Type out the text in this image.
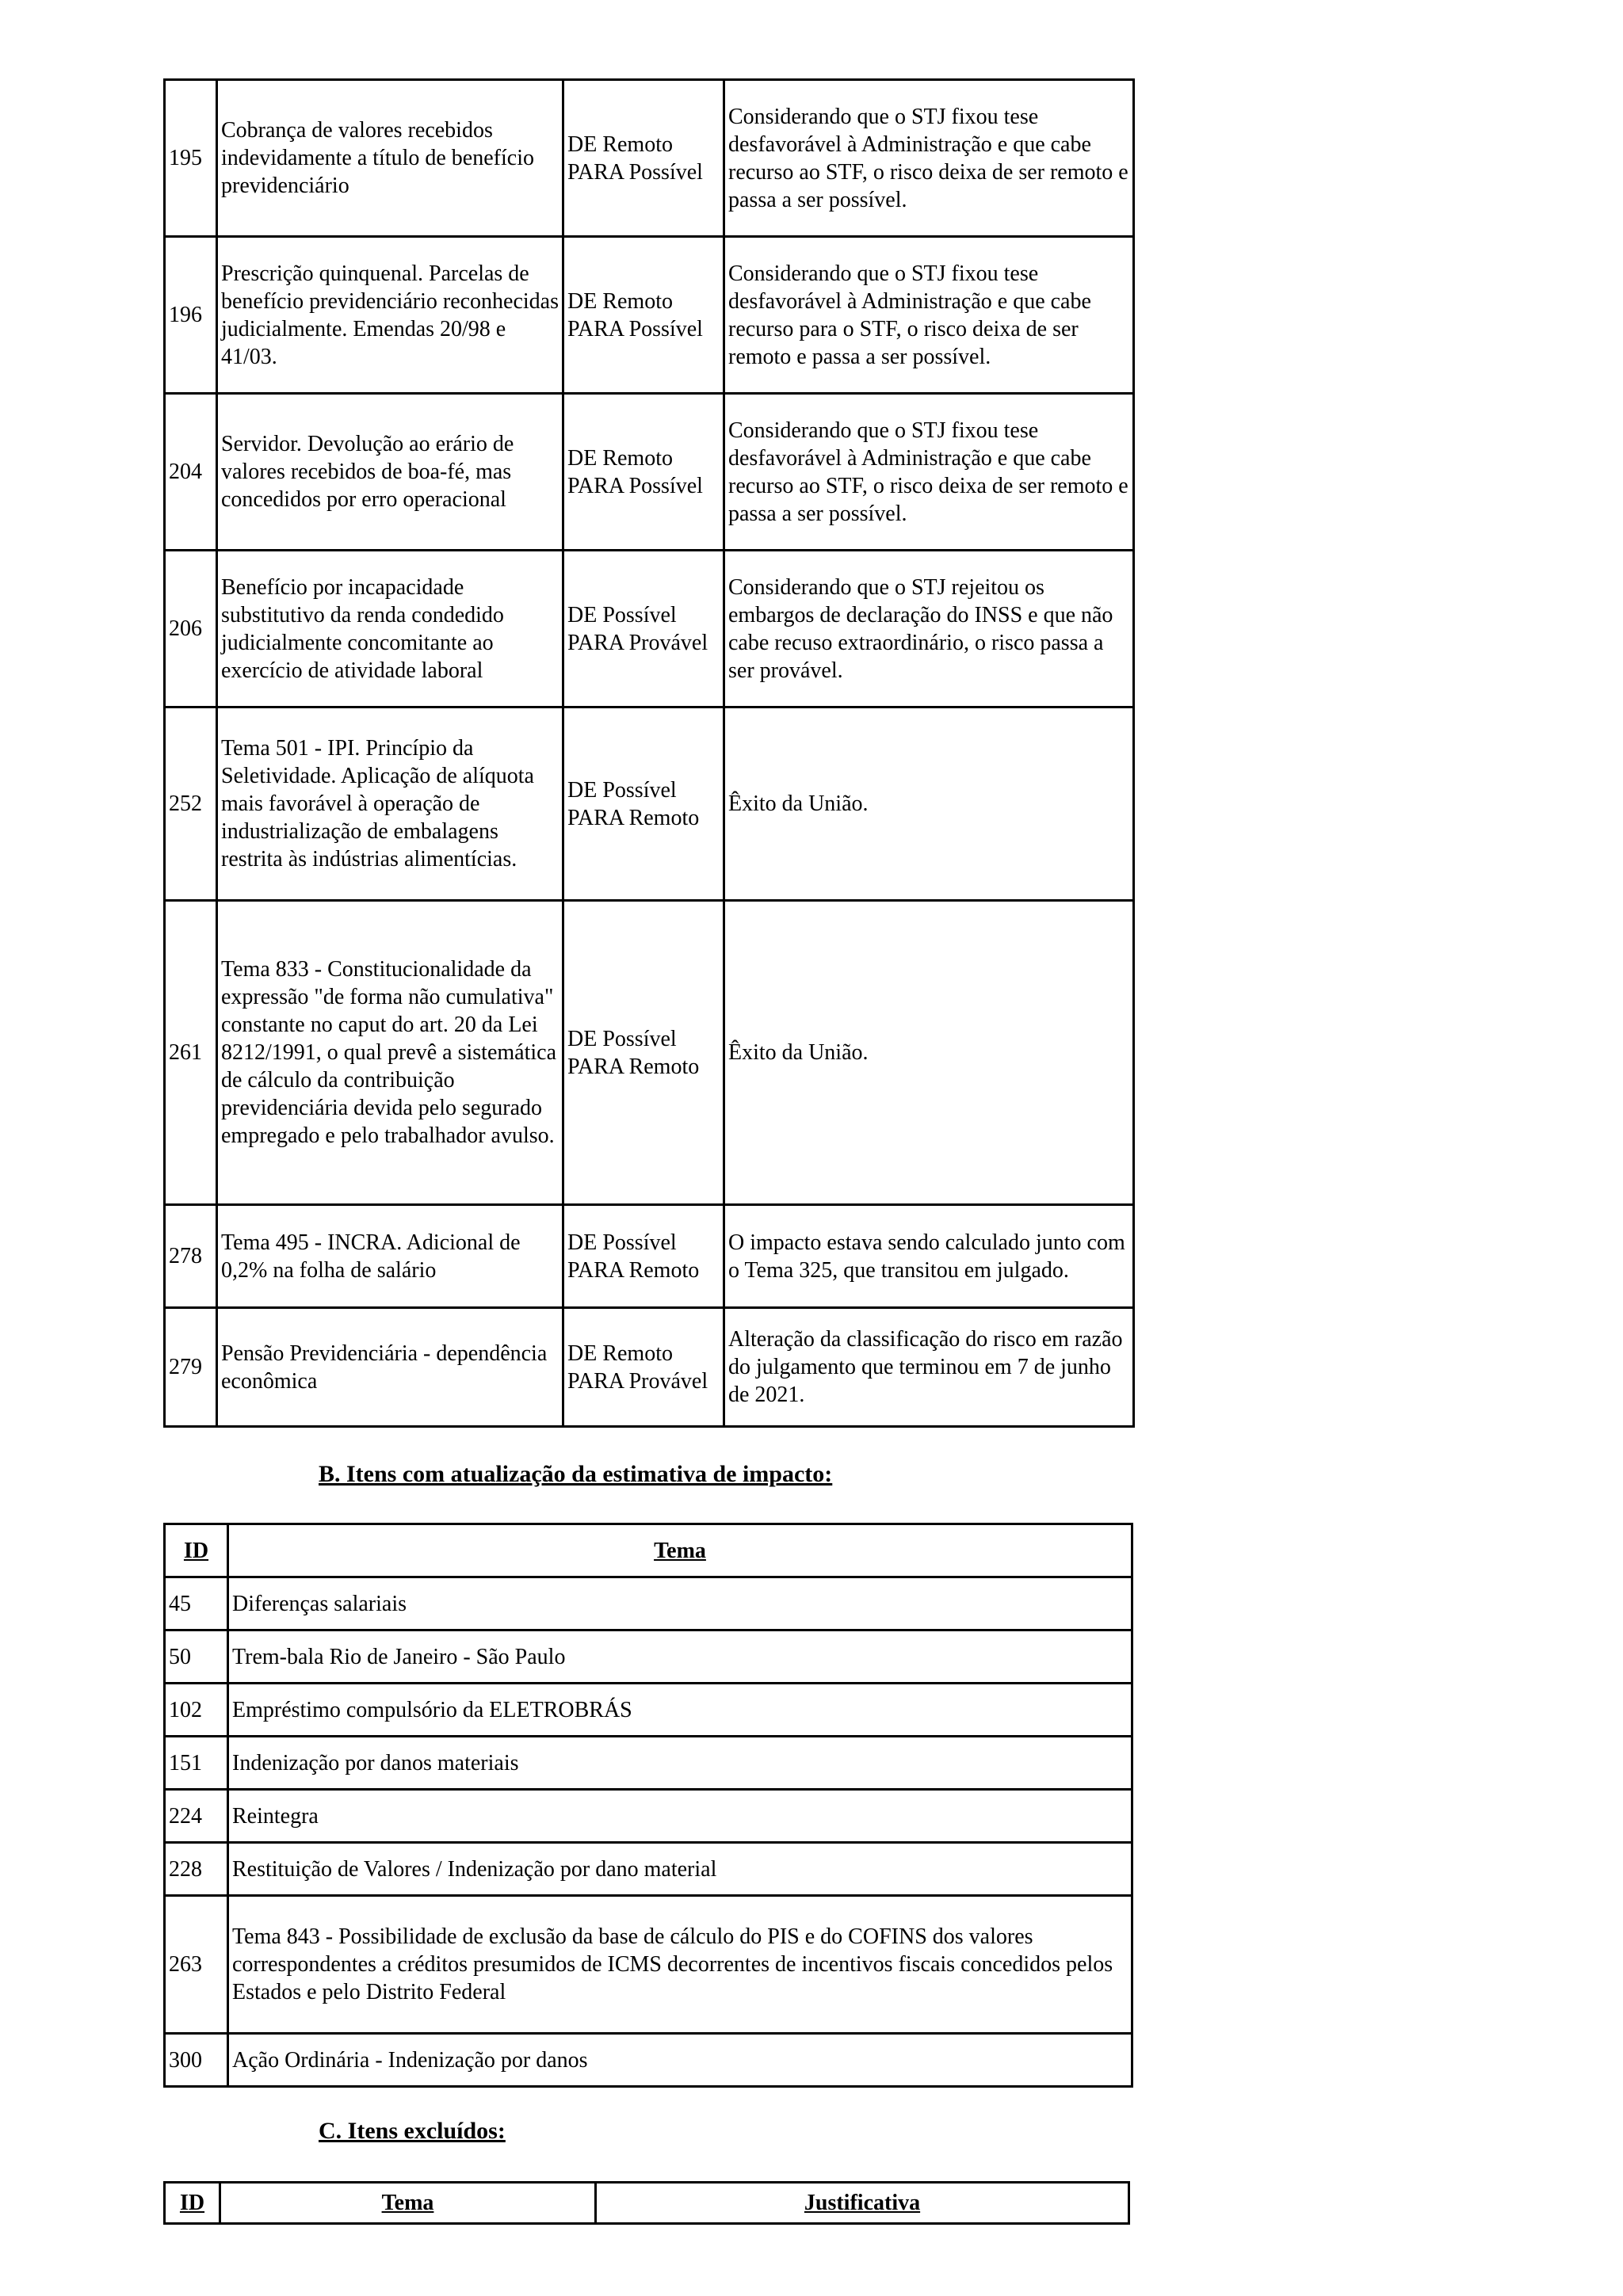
195	Cobrança de valores recebidos indevidamente a título de benefício previdenciário	DE Remoto PARA Possível	Considerando que o STJ fixou tese desfavorável à Administração e que cabe recurso ao STF, o risco deixa de ser remoto e passa a ser possível.
196	Prescrição quinquenal. Parcelas de benefício previdenciário reconhecidas judicialmente. Emendas 20/98 e 41/03.	DE Remoto PARA Possível	Considerando que o STJ fixou tese desfavorável à Administração e que cabe recurso para o STF, o risco deixa de ser remoto e passa a ser possível.
204	Servidor. Devolução ao erário de valores recebidos de boa-fé, mas concedidos por erro operacional	DE Remoto PARA Possível	Considerando que o STJ fixou tese desfavorável à Administração e que cabe recurso ao STF, o risco deixa de ser remoto e passa a ser possível.
206	Benefício por incapacidade substitutivo da renda condedido judicialmente concomitante ao exercício de atividade laboral	DE Possível PARA Provável	Considerando que o STJ rejeitou os embargos de declaração do INSS e que não cabe recuso extraordinário, o risco passa a ser provável.
252	Tema 501 - IPI. Princípio da Seletividade. Aplicação de alíquota mais favorável à operação de industrialização de embalagens restrita às indústrias alimentícias.	DE Possível PARA Remoto	Êxito da União.
261	Tema 833 - Constitucionalidade da expressão "de forma não cumulativa" constante no caput do art. 20 da Lei 8212/1991, o qual prevê a sistemática de cálculo da contribuição previdenciária devida pelo segurado empregado e pelo trabalhador avulso.	DE Possível PARA Remoto	Êxito da União.
278	Tema 495 - INCRA. Adicional de 0,2% na folha de salário	DE Possível PARA Remoto	O impacto estava sendo calculado junto com o Tema 325, que transitou em julgado.
279	Pensão Previdenciária - dependência econômica	DE Remoto PARA Provável	Alteração da classificação do risco em razão do julgamento que terminou em 7 de junho de 2021.
B. Itens com atualização da estimativa de impacto:
ID	Tema
45	Diferenças salariais
50	Trem-bala Rio de Janeiro - São Paulo
102	Empréstimo compulsório da ELETROBRÁS
151	Indenização por danos materiais
224	Reintegra
228	Restituição de Valores / Indenização por dano material
263	Tema 843 - Possibilidade de exclusão da base de cálculo do PIS e do COFINS dos valores correspondentes a créditos presumidos de ICMS decorrentes de incentivos fiscais concedidos pelos Estados e pelo Distrito Federal
300	Ação Ordinária - Indenização por danos
C. Itens excluídos:
ID	Tema	Justificativa
